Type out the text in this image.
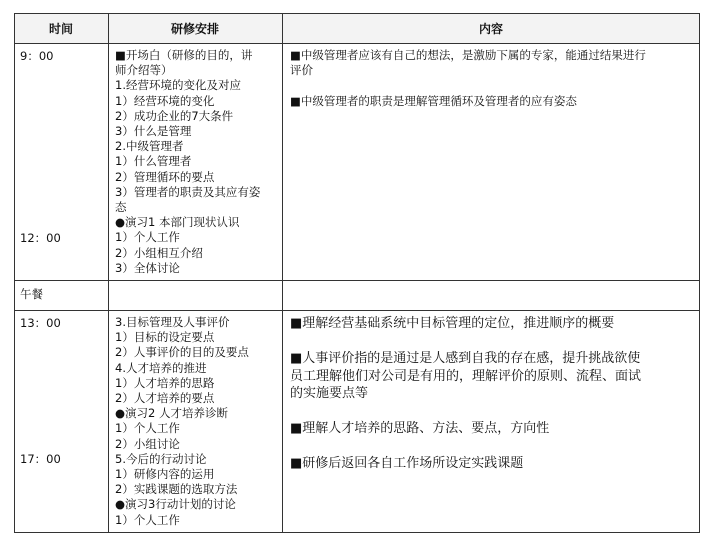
时间	研修安排	内容
9：00
12：00
■开场白（研修的目的，讲
师介绍等）
1.经营环境的变化及对应
1）经营环境的变化
2）成功企业的7大条件
3）什么是管理
2.中级管理者
1）什么管理者
2）管理循环的要点
3）管理者的职责及其应有姿
态
●演习1 本部门现状认识
1）个人工作
2）小组相互介绍
3）全体讨论
■中级管理者应该有自己的想法，是激励下属的专家，能通过结果进行
评价

■中级管理者的职责是理解管理循环及管理者的应有姿态
午餐
13：00
17：00
3.目标管理及人事评价
1）目标的设定要点
2）人事评价的目的及要点
4.人才培养的推进
1）人才培养的思路
2）人才培养的要点
●演习2 人才培养诊断
1）个人工作
2）小组讨论
5.今后的行动讨论
1）研修内容的运用
2）实践课题的选取方法
●演习3行动计划的讨论
1）个人工作
■理解经营基础系统中目标管理的定位，推进顺序的概要

■人事评价指的是通过是人感到自我的存在感，提升挑战欲使
员工理解他们对公司是有用的，理解评价的原则、流程、面试
的实施要点等

■理解人才培养的思路、方法、要点，方向性

■研修后返回各自工作场所设定实践课题
